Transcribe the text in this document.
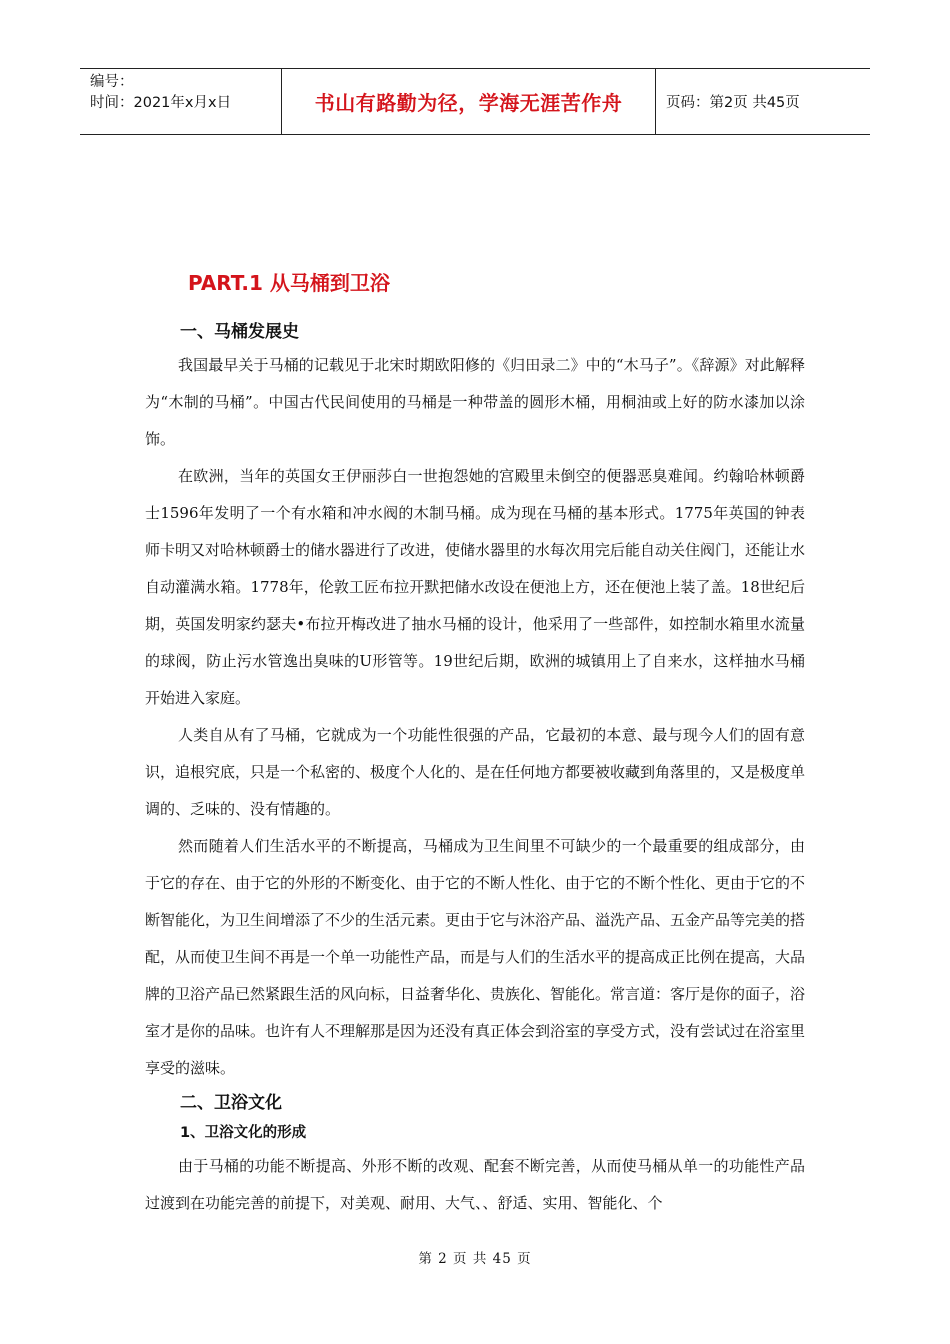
编号：
时间：2021年x月x日	书山有路勤为径，学海无涯苦作舟	页码：第2页 共45页
PART.1 从马桶到卫浴
一、马桶发展史

我国最早关于马桶的记载见于北宋时期欧阳修的《归田录二》中的“木马子”。《辞源》对此解释为“木制的马桶”。中国古代民间使用的马桶是一种带盖的圆形木桶，用桐油或上好的防水漆加以涂饰。

在欧洲，当年的英国女王伊丽莎白一世抱怨她的宫殿里未倒空的便器恶臭难闻。约翰哈林顿爵士1596年发明了一个有水箱和冲水阀的木制马桶。成为现在马桶的基本形式。1775年英国的钟表师卡明又对哈林顿爵士的储水器进行了改进，使储水器里的水每次用完后能自动关住阀门，还能让水自动灌满水箱。1778年，伦敦工匠布拉开默把储水改设在便池上方，还在便池上装了盖。18世纪后期，英国发明家约瑟夫•布拉开梅改进了抽水马桶的设计，他采用了一些部件，如控制水箱里水流量的球阀，防止污水管逸出臭味的U形管等。19世纪后期，欧洲的城镇用上了自来水，这样抽水马桶开始进入家庭。

人类自从有了马桶，它就成为一个功能性很强的产品，它最初的本意、最与现今人们的固有意识，追根究底，只是一个私密的、极度个人化的、是在任何地方都要被收藏到角落里的，又是极度单调的、乏味的、没有情趣的。

然而随着人们生活水平的不断提高，马桶成为卫生间里不可缺少的一个最重要的组成部分，由于它的存在、由于它的外形的不断变化、由于它的不断人性化、由于它的不断个性化、更由于它的不断智能化，为卫生间增添了不少的生活元素。更由于它与沐浴产品、溢洗产品、五金产品等完美的搭配，从而使卫生间不再是一个单一功能性产品，而是与人们的生活水平的提高成正比例在提高，大品牌的卫浴产品已然紧跟生活的风向标，日益奢华化、贵族化、智能化。常言道：客厅是你的面子，浴室才是你的品味。也许有人不理解那是因为还没有真正体会到浴室的享受方式，没有尝试过在浴室里享受的滋味。

二、卫浴文化
1、卫浴文化的形成

由于马桶的功能不断提高、外形不断的改观、配套不断完善，从而使马桶从单一的功能性产品过渡到在功能完善的前提下，对美观、耐用、大气、、舒适、实用、智能化、个

第 2 页 共 45 页
